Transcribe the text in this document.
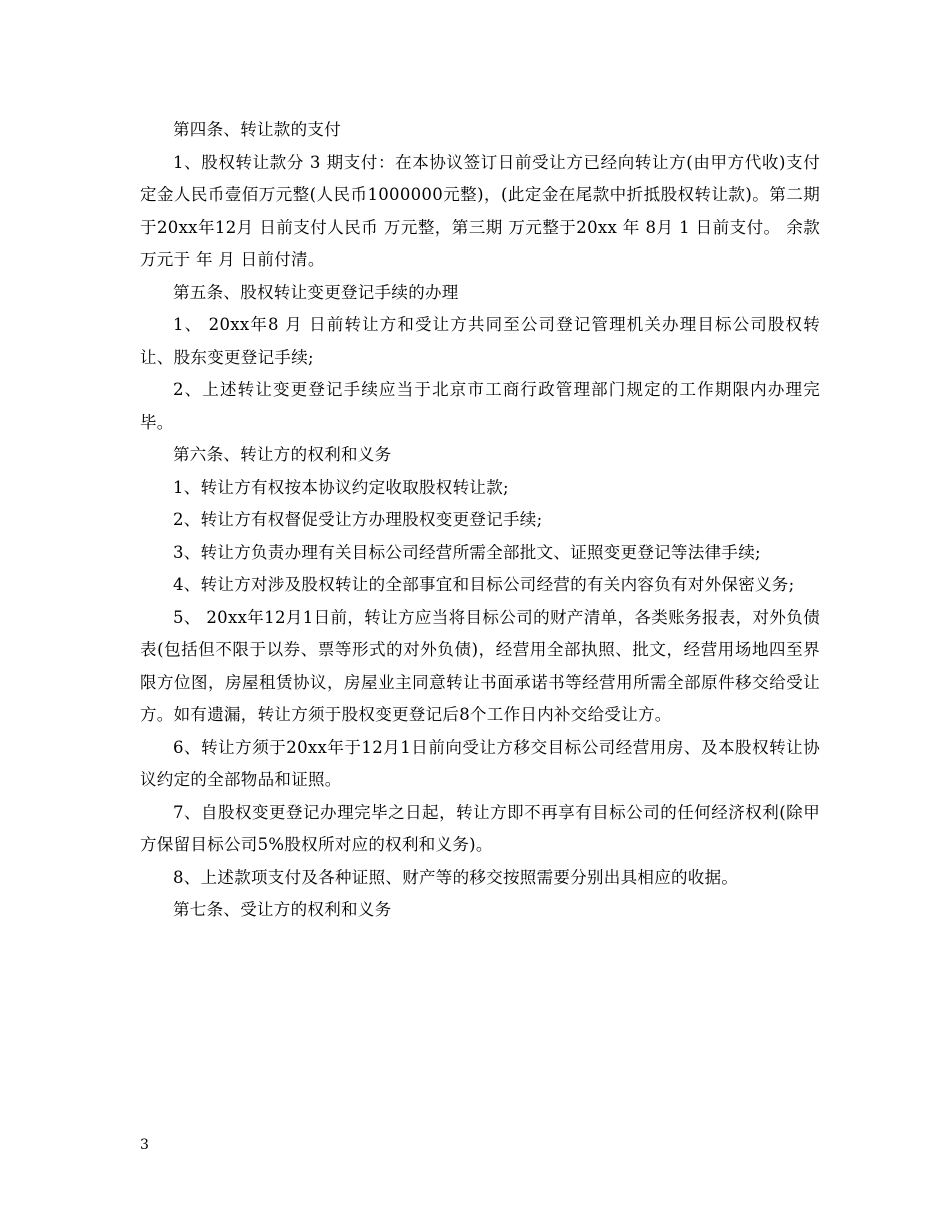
第四条、转让款的支付

1、股权转让款分 3 期支付：在本协议签订日前受让方已经向转让方(由甲方代收)支付定金人民币壹佰万元整(人民币1000000元整)，(此定金在尾款中折抵股权转让款)。第二期于20xx年12月 日前支付人民币 万元整，第三期 万元整于20xx 年 8月 1 日前支付。 余款 万元于 年 月 日前付清。

第五条、股权转让变更登记手续的办理

1、 20xx年8 月 日前转让方和受让方共同至公司登记管理机关办理目标公司股权转让、股东变更登记手续;

2、上述转让变更登记手续应当于北京市工商行政管理部门规定的工作期限内办理完毕。

第六条、转让方的权利和义务

1、转让方有权按本协议约定收取股权转让款;

2、转让方有权督促受让方办理股权变更登记手续;

3、转让方负责办理有关目标公司经营所需全部批文、证照变更登记等法律手续;

4、转让方对涉及股权转让的全部事宜和目标公司经营的有关内容负有对外保密义务;

5、 20xx年12月1日前，转让方应当将目标公司的财产清单，各类账务报表，对外负债表(包括但不限于以券、票等形式的对外负债)，经营用全部执照、批文，经营用场地四至界限方位图，房屋租赁协议，房屋业主同意转让书面承诺书等经营用所需全部原件移交给受让方。如有遗漏，转让方须于股权变更登记后8个工作日内补交给受让方。

6、转让方须于20xx年于12月1日前向受让方移交目标公司经营用房、及本股权转让协议约定的全部物品和证照。

7、自股权变更登记办理完毕之日起，转让方即不再享有目标公司的任何经济权利(除甲方保留目标公司5%股权所对应的权利和义务)。

8、上述款项支付及各种证照、财产等的移交按照需要分别出具相应的收据。

第七条、受让方的权利和义务

3
